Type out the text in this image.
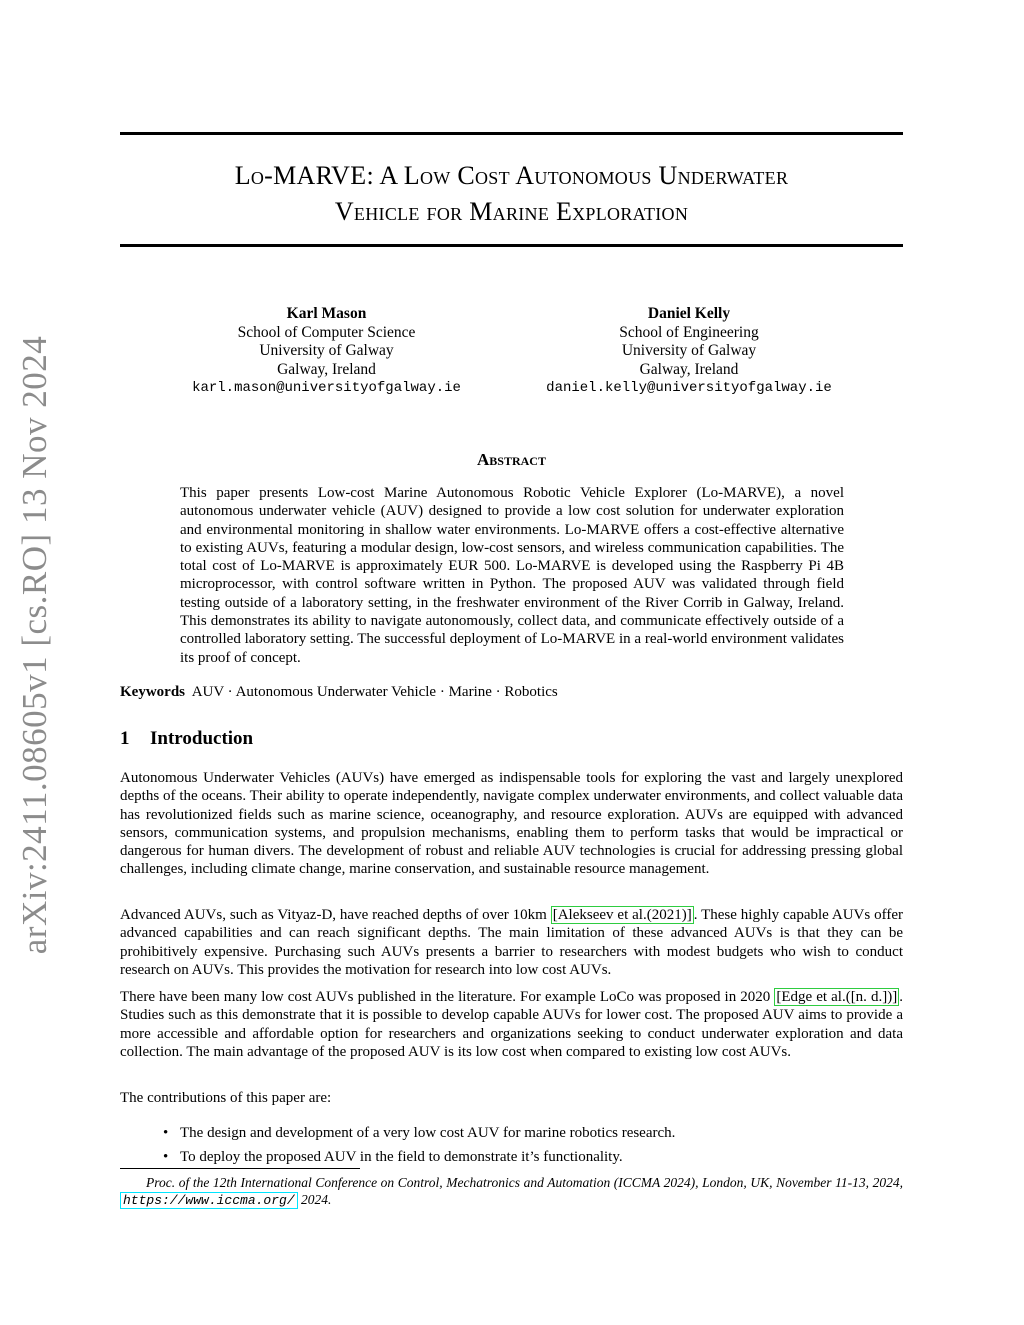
arXiv:2411.08605v1 [cs.RO] 13 Nov 2024
Lo-MARVE: A Low Cost Autonomous Underwater
Vehicle for Marine Exploration
Karl Mason
School of Computer Science
University of Galway
Galway, Ireland
karl.mason@universityofgalway.ie
Daniel Kelly
School of Engineering
University of Galway
Galway, Ireland
daniel.kelly@universityofgalway.ie
Abstract
This paper presents Low-cost Marine Autonomous Robotic Vehicle Explorer (Lo-MARVE), a novel autonomous underwater vehicle (AUV) designed to provide a low cost solution for underwater exploration and environmental monitoring in shallow water environments. Lo-MARVE offers a cost-effective alternative to existing AUVs, featuring a modular design, low-cost sensors, and wireless communication capabilities. The total cost of Lo-MARVE is approximately EUR 500. Lo-MARVE is developed using the Raspberry Pi 4B microprocessor, with control software written in Python. The proposed AUV was validated through field testing outside of a laboratory setting, in the freshwater environment of the River Corrib in Galway, Ireland. This demonstrates its ability to navigate autonomously, collect data, and communicate effectively outside of a controlled laboratory setting. The successful deployment of Lo-MARVE in a real-world environment validates its proof of concept.
Keywords AUV · Autonomous Underwater Vehicle · Marine · Robotics
1 Introduction
Autonomous Underwater Vehicles (AUVs) have emerged as indispensable tools for exploring the vast and largely unexplored depths of the oceans. Their ability to operate independently, navigate complex underwater environments, and collect valuable data has revolutionized fields such as marine science, oceanography, and resource exploration. AUVs are equipped with advanced sensors, communication systems, and propulsion mechanisms, enabling them to perform tasks that would be impractical or dangerous for human divers. The development of robust and reliable AUV technologies is crucial for addressing pressing global challenges, including climate change, marine conservation, and sustainable resource management.
Advanced AUVs, such as Vityaz-D, have reached depths of over 10km [Alekseev et al.(2021)] . These highly capable AUVs offer advanced capabilities and can reach significant depths. The main limitation of these advanced AUVs is that they can be prohibitively expensive. Purchasing such AUVs presents a barrier to researchers with modest budgets who wish to conduct research on AUVs. This provides the motivation for research into low cost AUVs.
There have been many low cost AUVs published in the literature. For example LoCo was proposed in 2020 [Edge et al.([n. d.])] . Studies such as this demonstrate that it is possible to develop capable AUVs for lower cost. The proposed AUV aims to provide a more accessible and affordable option for researchers and organizations seeking to conduct underwater exploration and data collection. The main advantage of the proposed AUV is its low cost when compared to existing low cost AUVs.
The contributions of this paper are:
• The design and development of a very low cost AUV for marine robotics research.
• To deploy the proposed AUV in the field to demonstrate it’s functionality.
Proc. of the 12th International Conference on Control, Mechatronics and Automation (ICCMA 2024), London, UK, November 11-13, 2024, https://www.iccma.org/ 2024.
